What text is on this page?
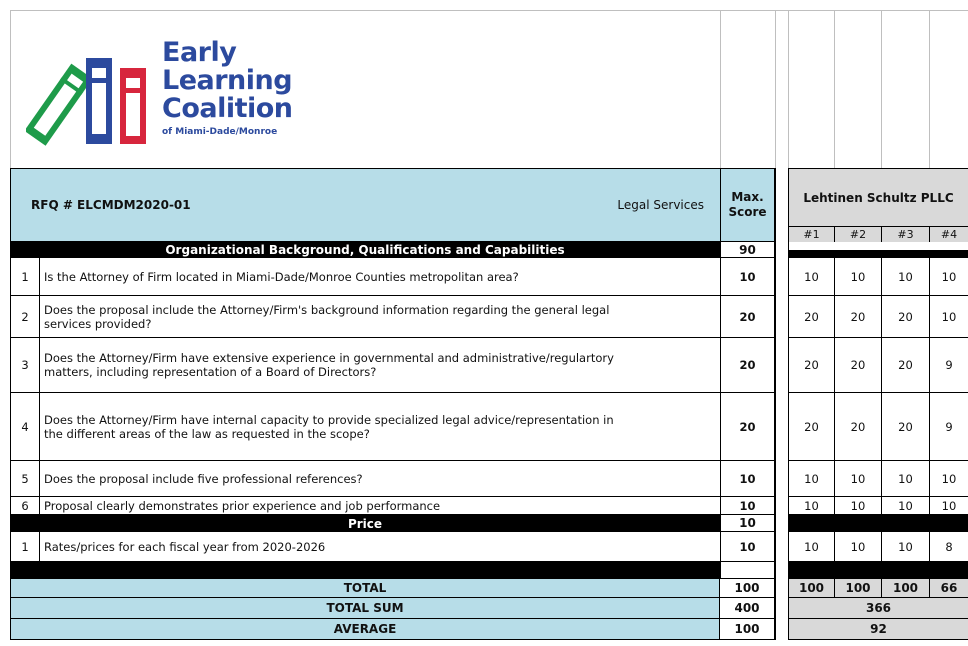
Early
Learning
Coalition
of Miami-Dade/Monroe
RFQ # ELCMDM2020-01	Legal Services
Max. Score
Lehtinen Schultz PLLC
#1	#2	#3	#4
Organizational Background, Qualifications and Capabilities	90
1	Is the Attorney of Firm located in Miami-Dade/Monroe Counties metropolitan area?	10	10	10	10	10
2	Does the proposal include the Attorney/Firm's background information regarding the general legal services provided?	20	20	20	20	10
3	Does the Attorney/Firm have extensive experience in governmental and administrative/regulartory matters, including representation of a Board of Directors?	20	20	20	20	9
4	Does the Attorney/Firm have internal capacity to provide specialized legal advice/representation in the different areas of the law as requested in the scope?	20	20	20	20	9
5	Does the proposal include five professional references?	10	10	10	10	10
6	Proposal clearly demonstrates prior experience and job performance	10	10	10	10	10
Price	10
1	Rates/prices for each fiscal year from 2020-2026	10	10	10	10	8
TOTAL	100	100	100	100	66
TOTAL SUM	400	366
AVERAGE	100	92
